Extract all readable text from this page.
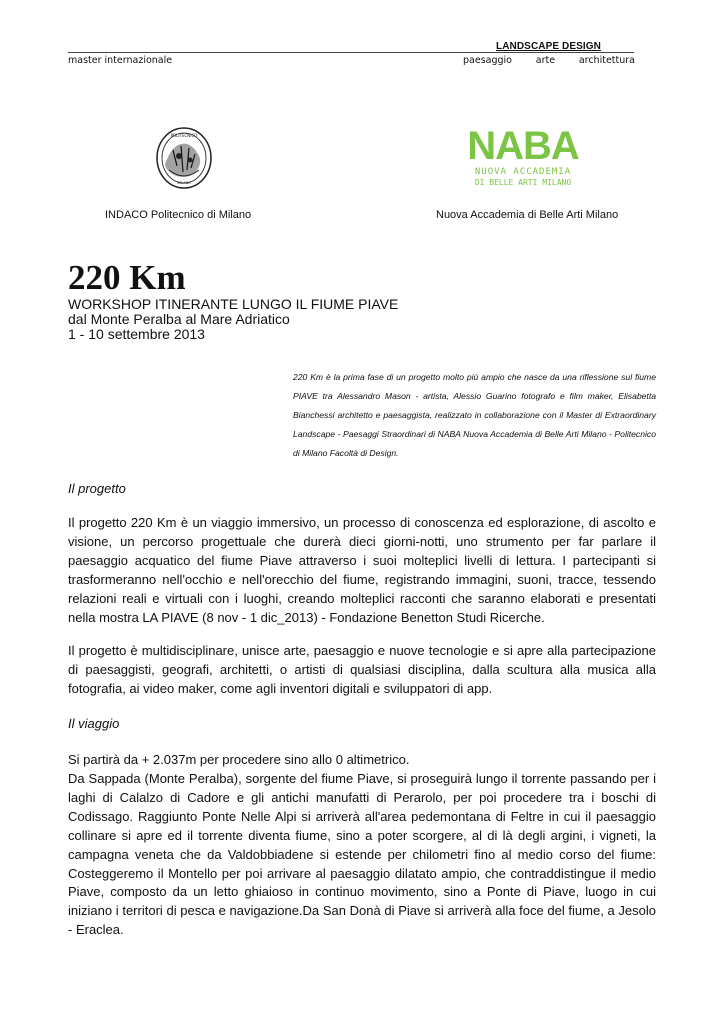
LANDSCAPE DESIGN
master internazionale	paesaggio	arte	architettura
POLITECNICO
MILANO
NABA
NUOVA ACCADEMIA
DI BELLE ARTI MILANO
INDACO Politecnico di Milano	Nuova Accademia di Belle Arti Milano
220 Km
WORKSHOP ITINERANTE LUNGO IL FIUME PIAVE
dal Monte Peralba al Mare Adriatico
1 - 10 settembre 2013
220 Km è la prima fase di un progetto molto più ampio che nasce da una riflessione sul fiume PIAVE tra Alessandro Mason - artista, Alessio Guarino fotografo e film maker, Elisabetta Bianchessi architetto e paesaggista, realizzato in collaborazione con il Master di Extraordinary Landscape - Paesaggi Straordinari di NABA Nuova Accademia di Belle Arti Milano - Politecnico di Milano Facoltà di Design.
Il progetto
Il progetto 220 Km è un viaggio immersivo, un processo di conoscenza ed esplorazione, di ascolto e visione, un percorso progettuale che durerà dieci giorni-notti, uno strumento per far parlare il paesaggio acquatico del fiume Piave attraverso i suoi molteplici livelli di lettura. I partecipanti si trasformeranno nell'occhio e nell'orecchio del fiume, registrando immagini, suoni, tracce, tessendo relazioni reali e virtuali con i luoghi, creando molteplici racconti che saranno elaborati e presentati nella mostra LA PIAVE (8 nov - 1 dic_2013) - Fondazione Benetton Studi Ricerche.
Il progetto è multidisciplinare, unisce arte, paesaggio e nuove tecnologie e si apre alla partecipazione di paesaggisti, geografi, architetti, o artisti di qualsiasi disciplina, dalla scultura alla musica alla fotografia, ai video maker, come agli inventori digitali e sviluppatori di app.
Il viaggio
Si partirà da + 2.037m per procedere sino allo 0 altimetrico.
Da Sappada (Monte Peralba), sorgente del fiume Piave, si proseguirà lungo il torrente passando per i laghi di Calalzo di Cadore e gli antichi manufatti di Perarolo, per poi procedere tra i boschi di Codissago. Raggiunto Ponte Nelle Alpi si arriverà all'area pedemontana di Feltre in cui il paesaggio collinare si apre ed il torrente diventa fiume, sino a poter scorgere, al di là degli argini, i vigneti, la campagna veneta che da Valdobbiadene si estende per chilometri fino al medio corso del fiume: Costeggeremo il Montello per poi arrivare al paesaggio dilatato ampio, che contraddistingue il medio Piave, composto da un letto ghiaioso in continuo movimento, sino a Ponte di Piave, luogo in cui iniziano i territori di pesca e navigazione.Da San Donà di Piave si arriverà alla foce del fiume, a Jesolo - Eraclea.
